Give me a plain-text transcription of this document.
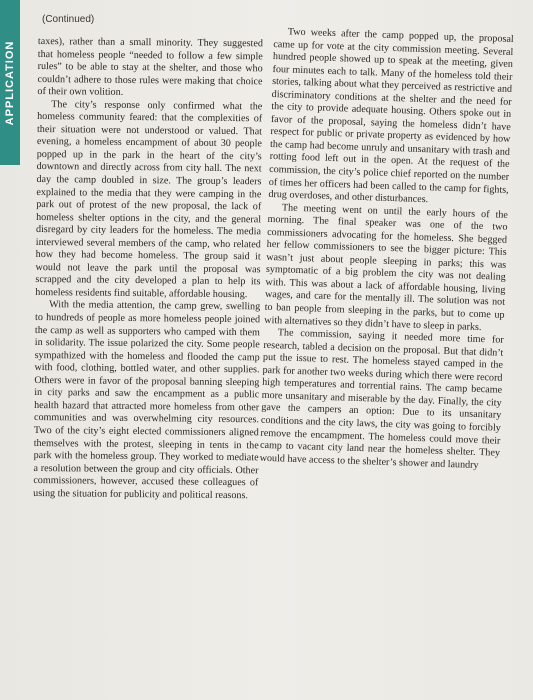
APPLICATION
(Continued)

taxes), rather than a small minority. They suggested that homeless people “needed to follow a few simple rules” to be able to stay at the shelter, and those who couldn’t adhere to those rules were making that choice of their own volition.

The city’s response only confirmed what the homeless community feared: that the complexities of their situation were not understood or valued. That evening, a homeless encampment of about 30 people popped up in the park in the heart of the city’s downtown and directly across from city hall. The next day the camp doubled in size. The group’s leaders explained to the media that they were camping in the park out of protest of the new proposal, the lack of homeless shelter options in the city, and the general disregard by city leaders for the homeless. The media interviewed several members of the camp, who related how they had become homeless. The group said it would not leave the park until the proposal was scrapped and the city developed a plan to help its homeless residents find suitable, affordable housing.

With the media attention, the camp grew, swelling to hundreds of people as more homeless people joined the camp as well as supporters who camped with them in solidarity. The issue polarized the city. Some people sympathized with the homeless and flooded the camp with food, clothing, bottled water, and other supplies. Others were in favor of the proposal banning sleeping in city parks and saw the encampment as a public health hazard that attracted more homeless from other communities and was overwhelming city resources. Two of the city’s eight elected commissioners aligned themselves with the protest, sleeping in tents in the park with the homeless group. They worked to mediate a resolution between the group and city officials. Other commissioners, however, accused these colleagues of using the situation for publicity and political reasons.

Two weeks after the camp popped up, the proposal came up for vote at the city commission meeting. Several hundred people showed up to speak at the meeting, given four minutes each to talk. Many of the homeless told their stories, talking about what they perceived as restrictive and discriminatory conditions at the shelter and the need for the city to provide adequate housing. Others spoke out in favor of the proposal, saying the homeless didn’t have respect for public or private property as evidenced by how the camp had become unruly and unsanitary with trash and rotting food left out in the open. At the request of the commission, the city’s police chief reported on the number of times her officers had been called to the camp for fights, drug overdoses, and other disturbances.

The meeting went on until the early hours of the morning. The final speaker was one of the two commissioners advocating for the homeless. She begged her fellow commissioners to see the bigger picture: This wasn’t just about people sleeping in parks; this was symptomatic of a big problem the city was not dealing with. This was about a lack of affordable housing, living wages, and care for the mentally ill. The solution was not to ban people from sleeping in the parks, but to come up with alternatives so they didn’t have to sleep in parks.

The commission, saying it needed more time for research, tabled a decision on the proposal. But that didn’t put the issue to rest. The homeless stayed camped in the park for another two weeks during which there were record high temperatures and torrential rains. The camp became more unsanitary and miserable by the day. Finally, the city gave the campers an option: Due to its unsanitary conditions and the city laws, the city was going to forcibly remove the encampment. The homeless could move their camp to vacant city land near the homeless shelter. They would have access to the shelter’s shower and laundry
